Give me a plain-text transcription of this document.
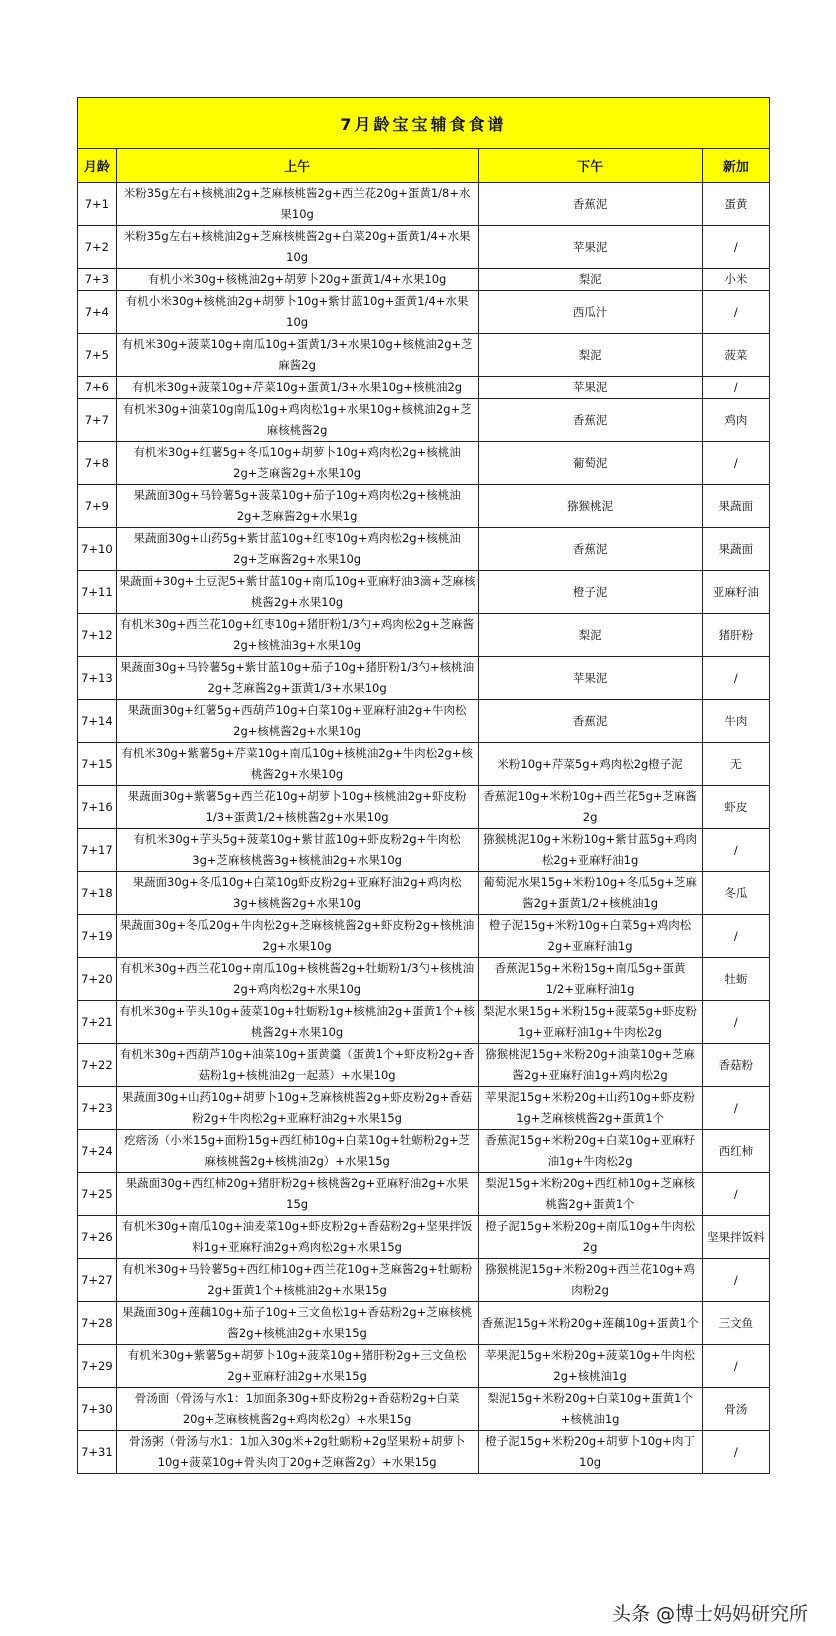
7月龄宝宝辅食食谱			
月龄	上午	下午	新加
7+1	米粉35g左右+核桃油2g+芝麻核桃酱2g+西兰花20g+蛋黄1/8+水果10g	香蕉泥	蛋黄
7+2	米粉35g左右+核桃油2g+芝麻核桃酱2g+白菜20g+蛋黄1/4+水果10g	苹果泥	/
7+3	有机小米30g+核桃油2g+胡萝卜20g+蛋黄1/4+水果10g	梨泥	小米
7+4	有机小米30g+核桃油2g+胡萝卜10g+紫甘蓝10g+蛋黄1/4+水果10g	西瓜汁	/
7+5	有机米30g+菠菜10g+南瓜10g+蛋黄1/3+水果10g+核桃油2g+芝麻酱2g	梨泥	菠菜
7+6	有机米30g+菠菜10g+芹菜10g+蛋黄1/3+水果10g+核桃油2g	苹果泥	/
7+7	有机米30g+油菜10g南瓜10g+鸡肉松1g+水果10g+核桃油2g+芝麻核桃酱2g	香蕉泥	鸡肉
7+8	有机米30g+红薯5g+冬瓜10g+胡萝卜10g+鸡肉松2g+核桃油2g+芝麻酱2g+水果10g	葡萄泥	/
7+9	果蔬面30g+马铃薯5g+菠菜10g+茄子10g+鸡肉松2g+核桃油2g+芝麻酱2g+水果1g	猕猴桃泥	果蔬面
7+10	果蔬面30g+山药5g+紫甘蓝10g+红枣10g+鸡肉松2g+核桃油2g+芝麻酱2g+水果10g	香蕉泥	果蔬面
7+11	果蔬面+30g+土豆泥5+紫甘蓝10g+南瓜10g+亚麻籽油3滴+芝麻核桃酱2g+水果10g	橙子泥	亚麻籽油
7+12	有机米30g+西兰花10g+红枣10g+猪肝粉1/3勺+鸡肉松2g+芝麻酱2g+核桃油3g+水果10g	梨泥	猪肝粉
7+13	果蔬面30g+马铃薯5g+紫甘蓝10g+茄子10g+猪肝粉1/3勺+核桃油2g+芝麻酱2g+蛋黄1/3+水果10g	苹果泥	/
7+14	果蔬面30g+红薯5g+西葫芦10g+白菜10g+亚麻籽油2g+牛肉松2g+核桃酱2g+水果10g	香蕉泥	牛肉
7+15	有机米30g+紫薯5g+芹菜10g+南瓜10g+核桃油2g+牛肉松2g+核桃酱2g+水果10g	米粉10g+芹菜5g+鸡肉松2g橙子泥	无
7+16	果蔬面30g+紫薯5g+西兰花10g+胡萝卜10g+核桃油2g+虾皮粉1/3+蛋黄1/2+核桃酱2g+水果10g	香蕉泥10g+米粉10g+西兰花5g+芝麻酱2g	虾皮
7+17	有机米30g+芋头5g+菠菜10g+紫甘蓝10g+虾皮粉2g+牛肉松3g+芝麻核桃酱3g+核桃油2g+水果10g	猕猴桃泥10g+米粉10g+紫甘蓝5g+鸡肉松2g+亚麻籽油1g	/
7+18	果蔬面30g+冬瓜10g+白菜10g虾皮粉2g+亚麻籽油2g+鸡肉松3g+核桃酱2g+水果10g	葡萄泥水果15g+米粉10g+冬瓜5g+芝麻酱2g+蛋黄1/2+核桃油1g	冬瓜
7+19	果蔬面30g+冬瓜20g+牛肉松2g+芝麻核桃酱2g+虾皮粉2g+核桃油2g+水果10g	橙子泥15g+米粉10g+白菜5g+鸡肉松2g+亚麻籽油1g	/
7+20	有机米30g+西兰花10g+南瓜10g+核桃酱2g+牡蛎粉1/3勺+核桃油2g+鸡肉松2g+水果10g	香蕉泥15g+米粉15g+南瓜5g+蛋黄1/2+亚麻籽油1g	牡蛎
7+21	有机米30g+芋头10g+菠菜10g+牡蛎粉1g+核桃油2g+蛋黄1个+核桃酱2g+水果10g	梨泥水果15g+米粉15g+菠菜5g+虾皮粉1g+亚麻籽油1g+牛肉松2g	/
7+22	有机米30g+西葫芦10g+油菜10g+蛋黄羹（蛋黄1个+虾皮粉2g+香菇粉1g+核桃油2g一起蒸）+水果10g	猕猴桃泥15g+米粉20g+油菜10g+芝麻酱2g+亚麻籽油1g+鸡肉松2g	香菇粉
7+23	果蔬面30g+山药10g+胡萝卜10g+芝麻核桃酱2g+虾皮粉2g+香菇粉2g+牛肉松2g+亚麻籽油2g+水果15g	苹果泥15g+米粉20g+山药10g+虾皮粉1g+芝麻核桃酱2g+蛋黄1个	/
7+24	疙瘩汤（小米15g+面粉15g+西红柿10g+白菜10g+牡蛎粉2g+芝麻核桃酱2g+核桃油2g）+水果15g	香蕉泥15g+米粉20g+白菜10g+亚麻籽油1g+牛肉松2g	西红柿
7+25	果蔬面30g+西红柿20g+猪肝粉2g+核桃酱2g+亚麻籽油2g+水果15g	梨泥15g+米粉20g+西红柿10g+芝麻核桃酱2g+蛋黄1个	/
7+26	有机米30g+南瓜10g+油麦菜10g+虾皮粉2g+香菇粉2g+坚果拌饭料1g+亚麻籽油2g+鸡肉松2g+水果15g	橙子泥15g+米粉20g+南瓜10g+牛肉松2g	坚果拌饭料
7+27	有机米30g+马铃薯5g+西红柿10g+西兰花10g+芝麻酱2g+牡蛎粉2g+蛋黄1个+核桃油2g+水果15g	猕猴桃泥15g+米粉20g+西兰花10g+鸡肉粉2g	/
7+28	果蔬面30g+莲藕10g+茄子10g+三文鱼松1g+香菇粉2g+芝麻核桃酱2g+核桃油2g+水果15g	香蕉泥15g+米粉20g+莲藕10g+蛋黄1个	三文鱼
7+29	有机米30g+紫薯5g+胡萝卜10g+菠菜10g+猪肝粉2g+三文鱼松2g+亚麻籽油2g+水果15g	苹果泥15g+米粉20g+菠菜10g+牛肉松2g+核桃油1g	/
7+30	骨汤面（骨汤与水1：1加面条30g+虾皮粉2g+香菇粉2g+白菜20g+芝麻核桃酱2g+鸡肉松2g）+水果15g	梨泥15g+米粉20g+白菜10g+蛋黄1个+核桃油1g	骨汤
7+31	骨汤粥（骨汤与水1：1加入30g米+2g牡蛎粉+2g坚果粉+胡萝卜10g+菠菜10g+骨头肉丁20g+芝麻酱2g）+水果15g	橙子泥15g+米粉20g+胡萝卜10g+肉丁10g	/
头条 @博士妈妈研究所
